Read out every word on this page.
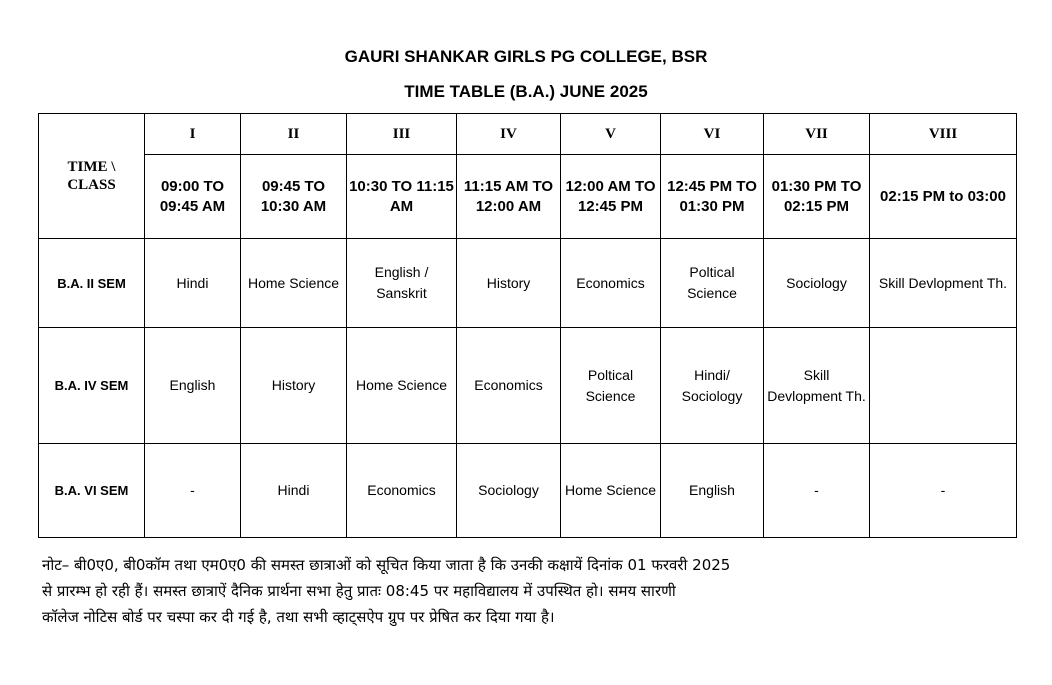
GAURI SHANKAR GIRLS PG COLLEGE, BSR
TIME TABLE (B.A.) JUNE 2025
TIME \
CLASS	I	II	III	IV	V	VI	VII	VIII
	09:00 TO 09:45 AM	09:45 TO 10:30 AM	10:30 TO 11:15 AM	11:15 AM TO 12:00 AM	12:00 AM TO 12:45 PM	12:45 PM TO 01:30 PM	01:30 PM TO 02:15 PM	02:15 PM to 03:00
B.A. II SEM	Hindi	Home Science	English / Sanskrit	History	Economics	Poltical Science	Sociology	Skill Devlopment Th.
B.A. IV SEM	English	History	Home Science	Economics	Poltical Science	Hindi/ Sociology	Skill Devlopment Th.	
B.A. VI SEM	-	Hindi	Economics	Sociology	Home Science	English	-	-
नोट– बी0ए0, बी0कॉम तथा एम0ए0 की समस्त छात्राओं को सूचित किया जाता है कि उनकी कक्षायें दिनांक 01 फरवरी 2025
से प्रारम्भ हो रही हैं। समस्त छात्राऐं दैनिक प्रार्थना सभा हेतु प्रातः 08:45 पर महाविद्यालय में उपस्थित हो। समय सारणी
कॉलेज नोटिस बोर्ड पर चस्पा कर दी गई है, तथा सभी व्हाट्सऐप ग्रुप पर प्रेषित कर दिया गया है।
